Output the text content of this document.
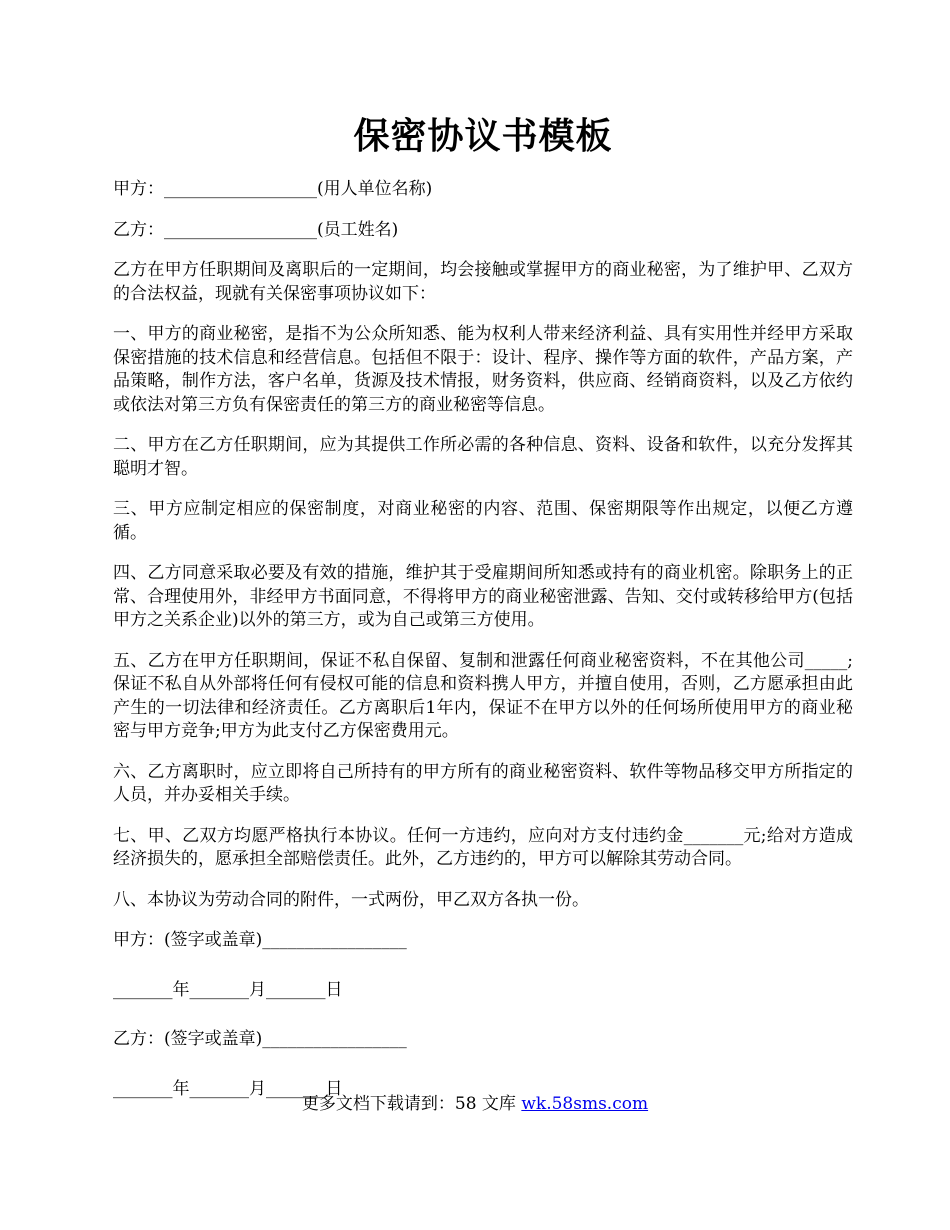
保密协议书模板

甲方：__________________(用人单位名称)

乙方：__________________(员工姓名)

乙方在甲方任职期间及离职后的一定期间，均会接触或掌握甲方的商业秘密，为了维护甲、乙双方的合法权益，现就有关保密事项协议如下：

一、甲方的商业秘密，是指不为公众所知悉、能为权利人带来经济利益、具有实用性并经甲方采取保密措施的技术信息和经营信息。包括但不限于：设计、程序、操作等方面的软件，产品方案，产品策略，制作方法，客户名单，货源及技术情报，财务资料，供应商、经销商资料，以及乙方依约或依法对第三方负有保密责任的第三方的商业秘密等信息。

二、甲方在乙方任职期间，应为其提供工作所必需的各种信息、资料、设备和软件，以充分发挥其聪明才智。

三、甲方应制定相应的保密制度，对商业秘密的内容、范围、保密期限等作出规定，以便乙方遵循。

四、乙方同意采取必要及有效的措施，维护其于受雇期间所知悉或持有的商业机密。除职务上的正常、合理使用外，非经甲方书面同意，不得将甲方的商业秘密泄露、告知、交付或转移给甲方(包括甲方之关系企业)以外的第三方，或为自己或第三方使用。

五、乙方在甲方任职期间，保证不私自保留、复制和泄露任何商业秘密资料，不在其他公司_____;保证不私自从外部将任何有侵权可能的信息和资料携人甲方，并擅自使用，否则，乙方愿承担由此产生的一切法律和经济责任。乙方离职后1年内，保证不在甲方以外的任何场所使用甲方的商业秘密与甲方竞争;甲方为此支付乙方保密费用元。

六、乙方离职时，应立即将自己所持有的甲方所有的商业秘密资料、软件等物品移交甲方所指定的人员，并办妥相关手续。

七、甲、乙双方均愿严格执行本协议。任何一方违约，应向对方支付违约金_______元;给对方造成经济损失的，愿承担全部赔偿责任。此外，乙方违约的，甲方可以解除其劳动合同。

八、本协议为劳动合同的附件，一式两份，甲乙双方各执一份。

甲方：(签字或盖章)_________________

_______年_______月_______日

乙方：(签字或盖章)_________________

_______年_______月_______日

更多文档下载请到：58 文库 wk.58sms.com
